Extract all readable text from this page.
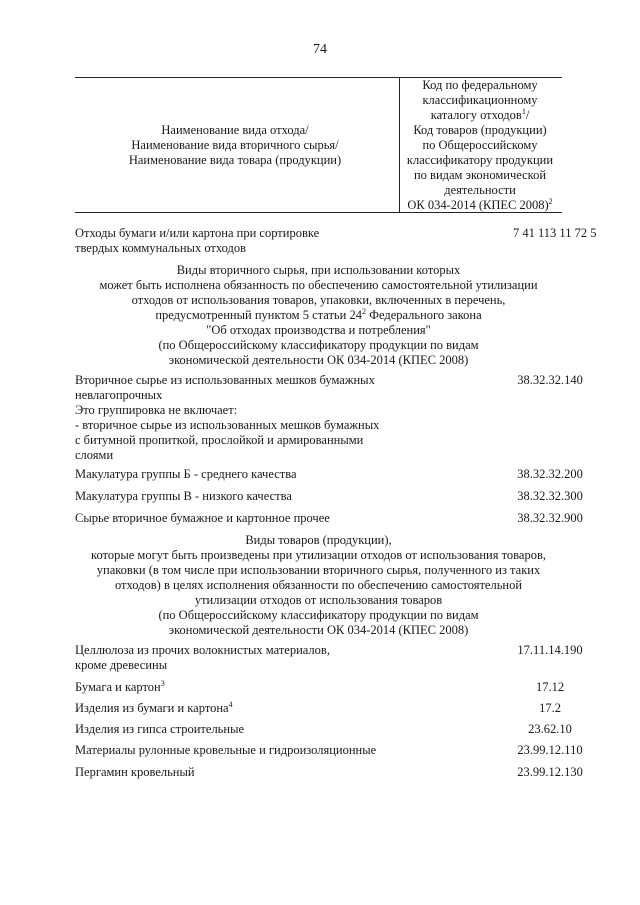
74
Наименование вида отхода/
Наименование вида вторичного сырья/
Наименование вида товара (продукции)
Код по федеральному
классификационному
каталогу отходов$^1$/
Код товаров (продукции)
по Общероссийскому
классификатору продукции
по видам экономической
деятельности
ОК 034-2014 (КПЕС 2008)$^2$
Отходы бумаги и/или картона при сортировке
твердых коммунальных отходов
7 41 113 11 72 5
Виды вторичного сырья, при использовании которых
может быть исполнена обязанность по обеспечению самостоятельной утилизации
отходов от использования товаров, упаковки, включенных в перечень,
предусмотренный пунктом 5 статьи $24^2$ Федерального закона
"Об отходах производства и потребления"
(по Общероссийскому классификатору продукции по видам
экономической деятельности ОК 034-2014 (КПЕС 2008)
Вторичное сырье из использованных мешков бумажных
невлагопрочных
Это группировка не включает:
- вторичное сырье из использованных мешков бумажных
с битумной пропиткой, прослойкой и армированными
слоями
38.32.32.140
Макулатура группы Б - среднего качества	38.32.32.200
Макулатура группы В - низкого качества	38.32.32.300
Сырье вторичное бумажное и картонное прочее	38.32.32.900
Виды товаров (продукции),
которые могут быть произведены при утилизации отходов от использования товаров,
упаковки (в том числе при использовании вторичного сырья, полученного из таких
отходов) в целях исполнения обязанности по обеспечению самостоятельной
утилизации отходов от использования товаров
(по Общероссийскому классификатору продукции по видам
экономической деятельности ОК 034-2014 (КПЕС 2008)
Целлюлоза из прочих волокнистых материалов,
кроме древесины
17.11.14.190
Бумага и картон$^3$	17.12
Изделия из бумаги и картона$^4$	17.2
Изделия из гипса строительные	23.62.10
Материалы рулонные кровельные и гидроизоляционные	23.99.12.110
Пергамин кровельный	23.99.12.130
